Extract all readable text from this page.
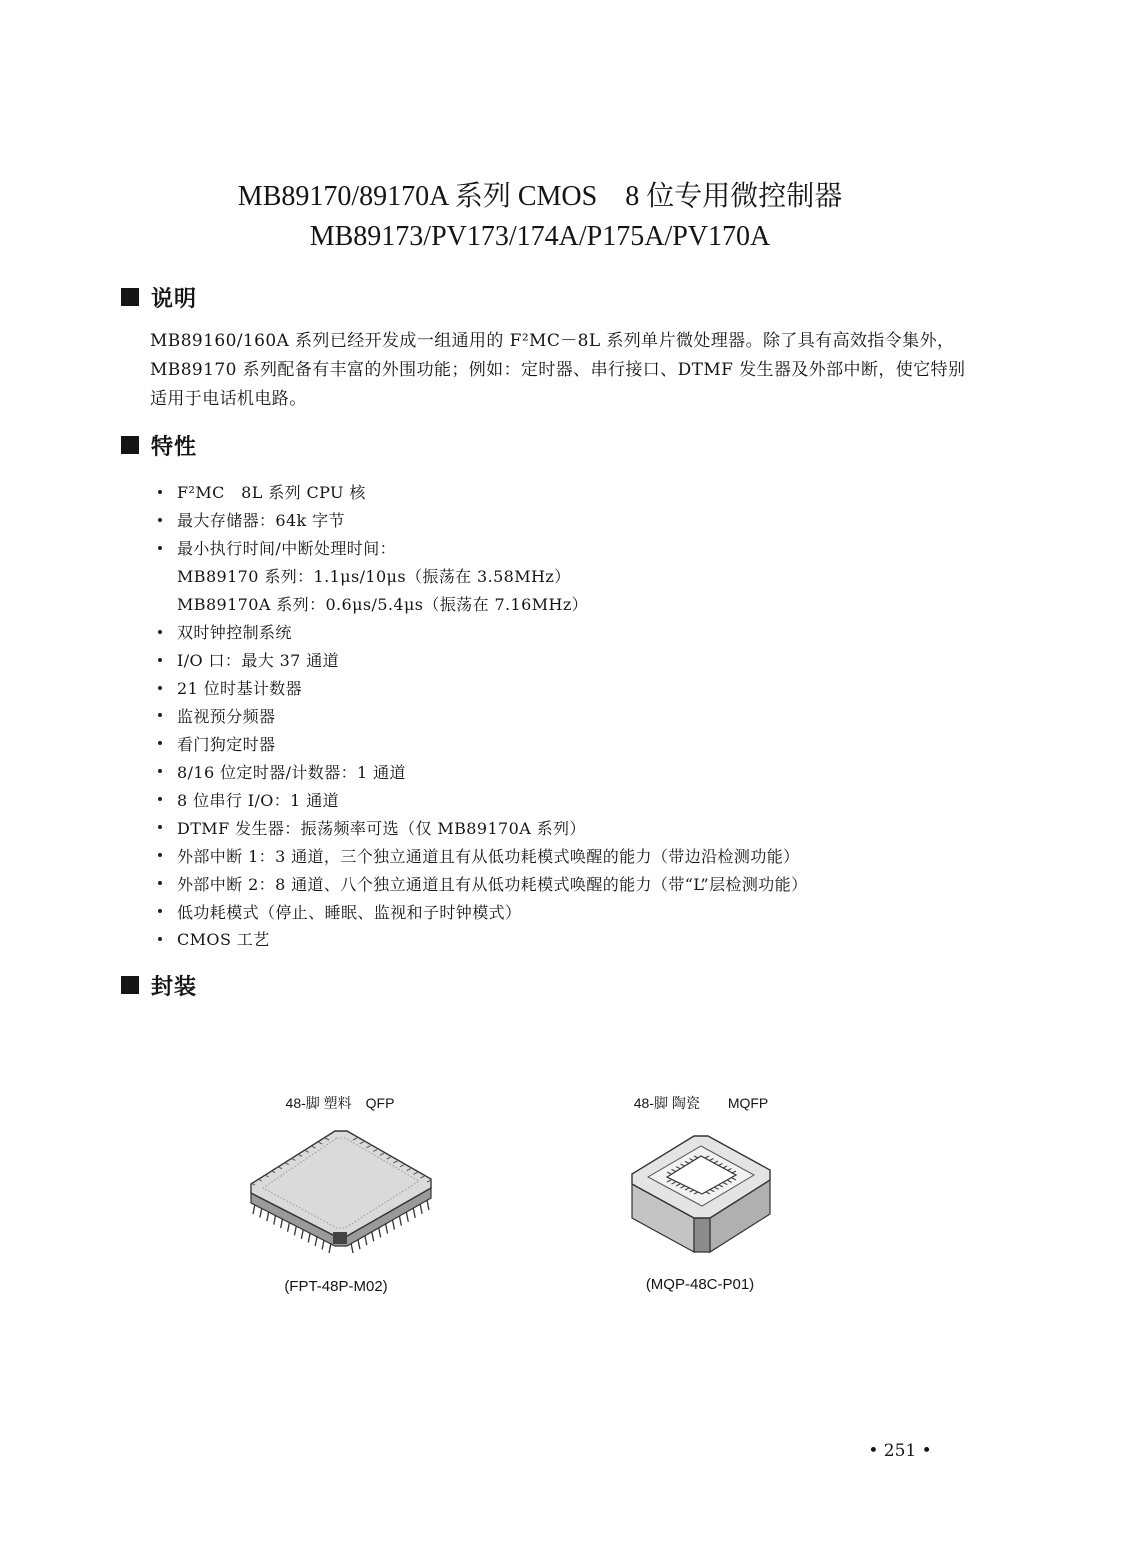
MB89170/89170A 系列 CMOS　8 位专用微控制器
MB89173/PV173/174A/P175A/PV170A
说明
MB89160/160A 系列已经开发成一组通用的 F²MC－8L 系列单片微处理器。除了具有高效指令集外，
MB89170 系列配备有丰富的外围功能；例如：定时器、串行接口、DTMF 发生器及外部中断，使它特别
适用于电话机电路。
特性
F²MC　8L 系列 CPU 核
最大存储器：64k 字节
最小执行时间/中断处理时间：
MB89170 系列：1.1μs/10μs（振荡在 3.58MHz）
MB89170A 系列：0.6μs/5.4μs（振荡在 7.16MHz）
双时钟控制系统
I/O 口：最大 37 通道
21 位时基计数器
监视预分频器
看门狗定时器
8/16 位定时器/计数器：1 通道
8 位串行 I/O：1 通道
DTMF 发生器：振荡频率可选（仅 MB89170A 系列）
外部中断 1：3 通道，三个独立通道且有从低功耗模式唤醒的能力（带边沿检测功能）
外部中断 2：8 通道、八个独立通道且有从低功耗模式唤醒的能力（带“L”层检测功能）
低功耗模式（停止、睡眠、监视和子时钟模式）
CMOS 工艺
封装
48-脚 塑料　QFP
(FPT-48P-M02)
48-脚 陶瓷　　MQFP
(MQP-48C-P01)
• 251 •
